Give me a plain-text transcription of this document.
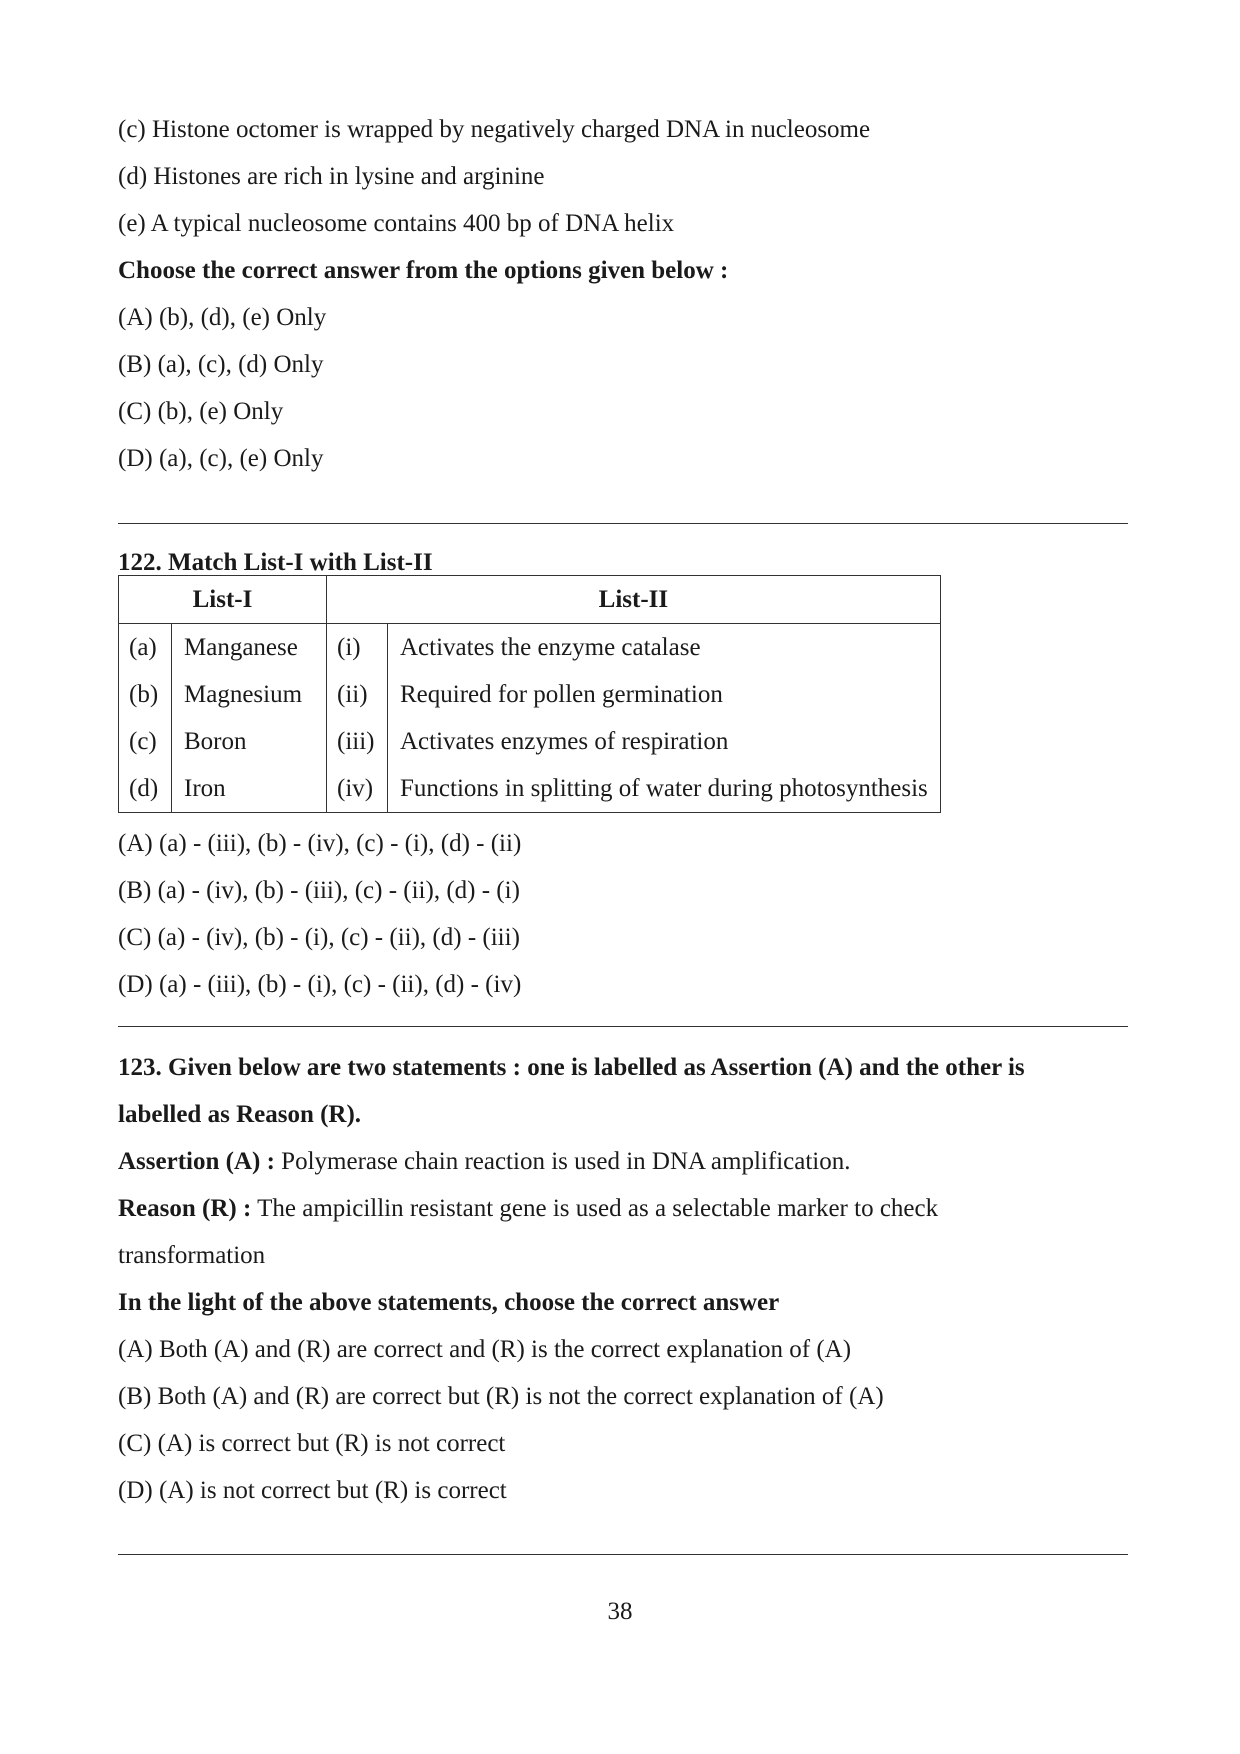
(c) Histone octomer is wrapped by negatively charged DNA in nucleosome
(d) Histones are rich in lysine and arginine
(e) A typical nucleosome contains 400 bp of DNA helix
Choose the correct answer from the options given below :
(A) (b), (d), (e) Only
(B) (a), (c), (d) Only
(C) (b), (e) Only
(D) (a), (c), (e) Only
122. Match List-I with List-II
List-I		List-II	
(a)	Manganese	(i)	Activates the enzyme catalase
(b)	Magnesium	(ii)	Required for pollen germination
(c)	Boron	(iii)	Activates enzymes of respiration
(d)	Iron	(iv)	Functions in splitting of water during photosynthesis
(A) (a) - (iii), (b) - (iv), (c) - (i), (d) - (ii)
(B) (a) - (iv), (b) - (iii), (c) - (ii), (d) - (i)
(C) (a) - (iv), (b) - (i), (c) - (ii), (d) - (iii)
(D) (a) - (iii), (b) - (i), (c) - (ii), (d) - (iv)
123. Given below are two statements : one is labelled as Assertion (A) and the other is
labelled as Reason (R).
Assertion (A) : Polymerase chain reaction is used in DNA amplification.
Reason (R) : The ampicillin resistant gene is used as a selectable marker to check
transformation
In the light of the above statements, choose the correct answer
(A) Both (A) and (R) are correct and (R) is the correct explanation of (A)
(B) Both (A) and (R) are correct but (R) is not the correct explanation of (A)
(C) (A) is correct but (R) is not correct
(D) (A) is not correct but (R) is correct
38
